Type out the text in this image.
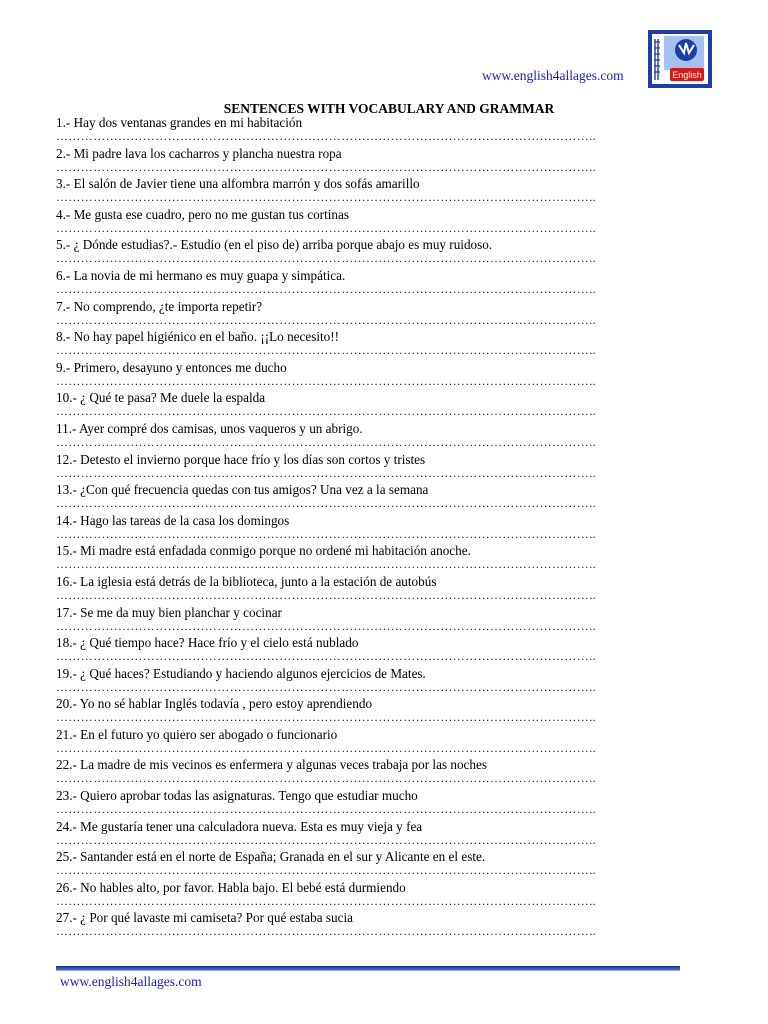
www.english4allages.com	English
SENTENCES WITH VOCABULARY AND GRAMMAR
1.- Hay dos ventanas grandes en mi habitación
…………………………………………………………………………………………………………………..
2.- Mi padre lava los cacharros y plancha nuestra ropa
…………………………………………………………………………………………………………………..
3.- El salón de Javier tiene una alfombra marrón y dos sofás amarillo
…………………………………………………………………………………………………………………..
4.- Me gusta ese cuadro, pero no me gustan tus cortinas
…………………………………………………………………………………………………………………..
5.- ¿ Dónde estudias?.- Estudio (en el piso de) arriba porque abajo es muy ruidoso.
…………………………………………………………………………………………………………………..
6.- La novia de mi hermano es muy guapa y simpática.
…………………………………………………………………………………………………………………..
7.- No comprendo, ¿te importa repetir?
…………………………………………………………………………………………………………………..
8.- No hay papel higiénico en el baño. ¡¡Lo necesito!!
…………………………………………………………………………………………………………………..
9.- Primero, desayuno y entonces me ducho
…………………………………………………………………………………………………………………..
10.- ¿ Qué te pasa? Me duele la espalda
…………………………………………………………………………………………………………………..
11.- Ayer compré dos camisas, unos vaqueros y un abrigo.
…………………………………………………………………………………………………………………..
12.- Detesto el invierno porque hace frío y los días son cortos y tristes
…………………………………………………………………………………………………………………..
13.- ¿Con qué frecuencia quedas con tus amigos? Una vez a la semana
…………………………………………………………………………………………………………………..
14.- Hago las tareas de la casa los domingos
…………………………………………………………………………………………………………………..
15.- Mi madre está enfadada conmigo porque no ordené mi habitación anoche.
…………………………………………………………………………………………………………………..
16.- La iglesia está detrás de la biblioteca, junto a la estación de autobús
…………………………………………………………………………………………………………………..
17.- Se me da muy bien planchar y cocinar
…………………………………………………………………………………………………………………..
18.- ¿ Qué tiempo hace? Hace frío y el cielo está nublado
…………………………………………………………………………………………………………………..
19.- ¿ Qué haces? Estudiando y haciendo algunos ejercicios de Mates.
…………………………………………………………………………………………………………………..
20.- Yo no sé hablar Inglés todavía , pero estoy aprendiendo
…………………………………………………………………………………………………………………..
21.- En el futuro yo quiero ser abogado o funcionario
…………………………………………………………………………………………………………………..
22.- La madre de mis vecinos es enfermera y algunas veces trabaja por las noches
…………………………………………………………………………………………………………………..
23.- Quiero aprobar todas las asignaturas. Tengo que estudiar mucho
…………………………………………………………………………………………………………………..
24.- Me gustaría tener una calculadora nueva. Esta es muy vieja y fea
…………………………………………………………………………………………………………………..
25.- Santander está en el norte de España; Granada en el sur y Alicante en el este.
…………………………………………………………………………………………………………………..
26.- No hables alto, por favor. Habla bajo. El bebé está durmiendo
…………………………………………………………………………………………………………………..
27.- ¿ Por qué lavaste mi camiseta? Por qué estaba sucia
…………………………………………………………………………………………………………………..
www.english4allages.com
